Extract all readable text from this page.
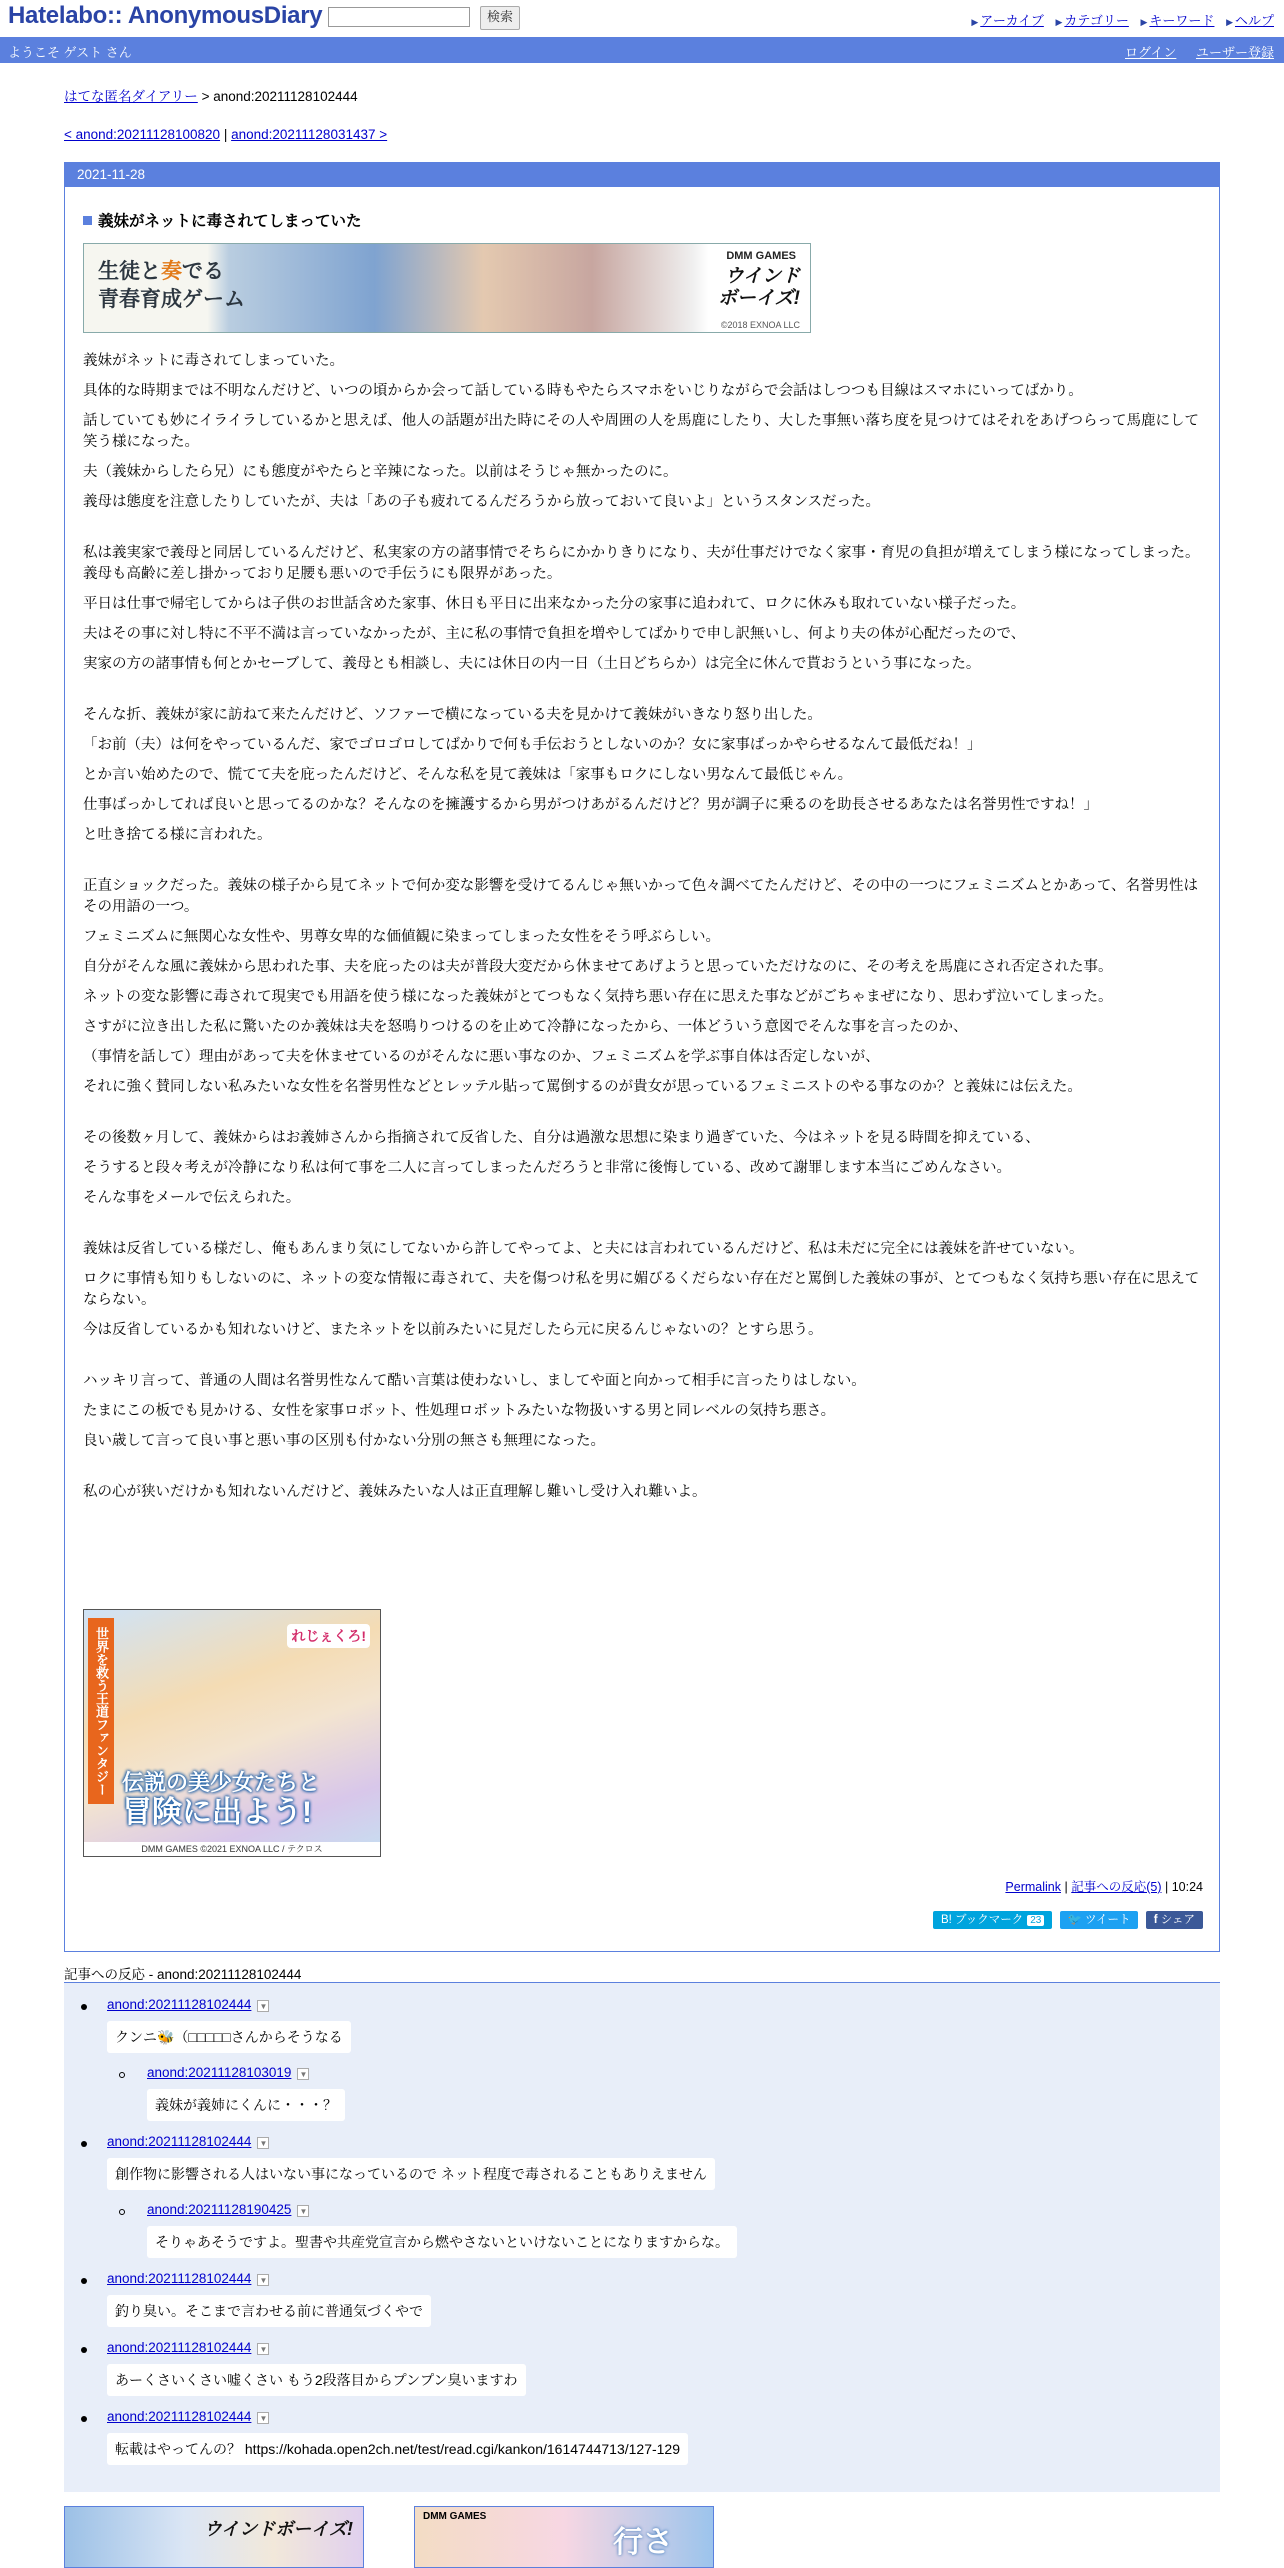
Hatelabo:: AnonymousDiary	検索	▶ アーカイブ ▶ カテゴリー ▶ キーワード ▶ ヘルプ
ようこそ ゲスト さん	ログイン ユーザー登録
はてな匿名ダイアリー > anond:20211128102444
< anond:20211128100820 | anond:20211128031437 >
2021-11-28
義妹がネットに毒されてしまっていた
生徒と奏でる
青春育成ゲーム
DMM GAMES
ウインド
ボーイズ!
©2018 EXNOA LLC

義妹がネットに毒されてしまっていた。

具体的な時期までは不明なんだけど、いつの頃からか会って話している時もやたらスマホをいじりながらで会話はしつつも目線はスマホにいってばかり。

話していても妙にイライラしているかと思えば、他人の話題が出た時にその人や周囲の人を馬鹿にしたり、大した事無い落ち度を見つけてはそれをあげつらって馬鹿にして笑う様になった。

夫（義妹からしたら兄）にも態度がやたらと辛辣になった。以前はそうじゃ無かったのに。

義母は態度を注意したりしていたが、夫は「あの子も疲れてるんだろうから放っておいて良いよ」というスタンスだった。

私は義実家で義母と同居しているんだけど、私実家の方の諸事情でそちらにかかりきりになり、夫が仕事だけでなく家事・育児の負担が増えてしまう様になってしまった。義母も高齢に差し掛かっており足腰も悪いので手伝うにも限界があった。

平日は仕事で帰宅してからは子供のお世話含めた家事、休日も平日に出来なかった分の家事に追われて、ロクに休みも取れていない様子だった。

夫はその事に対し特に不平不満は言っていなかったが、主に私の事情で負担を増やしてばかりで申し訳無いし、何より夫の体が心配だったので、

実家の方の諸事情も何とかセーブして、義母とも相談し、夫には休日の内一日（土日どちらか）は完全に休んで貰おうという事になった。

そんな折、義妹が家に訪ねて来たんだけど、ソファーで横になっている夫を見かけて義妹がいきなり怒り出した。

「お前（夫）は何をやっているんだ、家でゴロゴロしてばかりで何も手伝おうとしないのか？女に家事ばっかやらせるなんて最低だね！」

とか言い始めたので、慌てて夫を庇ったんだけど、そんな私を見て義妹は「家事もロクにしない男なんて最低じゃん。

仕事ばっかしてれば良いと思ってるのかな？そんなのを擁護するから男がつけあがるんだけど？男が調子に乗るのを助長させるあなたは名誉男性ですね！」

と吐き捨てる様に言われた。

正直ショックだった。義妹の様子から見てネットで何か変な影響を受けてるんじゃ無いかって色々調べてたんだけど、その中の一つにフェミニズムとかあって、名誉男性はその用語の一つ。

フェミニズムに無関心な女性や、男尊女卑的な価値観に染まってしまった女性をそう呼ぶらしい。

自分がそんな風に義妹から思われた事、夫を庇ったのは夫が普段大変だから休ませてあげようと思っていただけなのに、その考えを馬鹿にされ否定された事。

ネットの変な影響に毒されて現実でも用語を使う様になった義妹がとてつもなく気持ち悪い存在に思えた事などがごちゃまぜになり、思わず泣いてしまった。

さすがに泣き出した私に驚いたのか義妹は夫を怒鳴りつけるのを止めて冷静になったから、一体どういう意図でそんな事を言ったのか、

（事情を話して）理由があって夫を休ませているのがそんなに悪い事なのか、フェミニズムを学ぶ事自体は否定しないが、

それに強く賛同しない私みたいな女性を名誉男性などとレッテル貼って罵倒するのが貴女が思っているフェミニストのやる事なのか？と義妹には伝えた。

その後数ヶ月して、義妹からはお義姉さんから指摘されて反省した、自分は過激な思想に染まり過ぎていた、今はネットを見る時間を抑えている、

そうすると段々考えが冷静になり私は何て事を二人に言ってしまったんだろうと非常に後悔している、改めて謝罪します本当にごめんなさい。

そんな事をメールで伝えられた。

義妹は反省している様だし、俺もあんまり気にしてないから許してやってよ、と夫には言われているんだけど、私は未だに完全には義妹を許せていない。

ロクに事情も知りもしないのに、ネットの変な情報に毒されて、夫を傷つけ私を男に媚びるくだらない存在だと罵倒した義妹の事が、とてつもなく気持ち悪い存在に思えてならない。

今は反省しているかも知れないけど、またネットを以前みたいに見だしたら元に戻るんじゃないの？とすら思う。

ハッキリ言って、普通の人間は名誉男性なんて酷い言葉は使わないし、ましてや面と向かって相手に言ったりはしない。

たまにこの板でも見かける、女性を家事ロボット、性処理ロボットみたいな物扱いする男と同レベルの気持ち悪さ。

良い歳して言って良い事と悪い事の区別も付かない分別の無さも無理になった。

私の心が狭いだけかも知れないんだけど、義妹みたいな人は正直理解し難いし受け入れ難いよ。

世界を救う王道ファンタジー	れじぇくろ!
伝説の美少女たちと
冒険に出よう!
DMM GAMES ©2021 EXNOA LLC / テクロス
Permalink | 記事への反応(5) | 10:24
B! ブックマーク 23 🐦 ツイート f シェア
記事への反応 - anond:20211128102444
anond:20211128102444 ▼
クンニ🐝（□□□□□さんからそうなる
anond:20211128103019 ▼
義妹が義姉にくんに・・・？
anond:20211128102444 ▼
創作物に影響される人はいない事になっているので ネット程度で毒されることもありえません
anond:20211128190425 ▼
そりゃあそうですよ。聖書や共産党宣言から燃やさないといけないことになりますからな。
anond:20211128102444 ▼
釣り臭い。そこまで言わせる前に普通気づくやで
anond:20211128102444 ▼
あーくさいくさい嘘くさい もう2段落目からプンプン臭いますわ
anond:20211128102444 ▼
転載はやってんの？ https://kohada.open2ch.net/test/read.cgi/kankon/1614744713/127-129
ウインドボーイズ!
DMM GAMES
行さ
